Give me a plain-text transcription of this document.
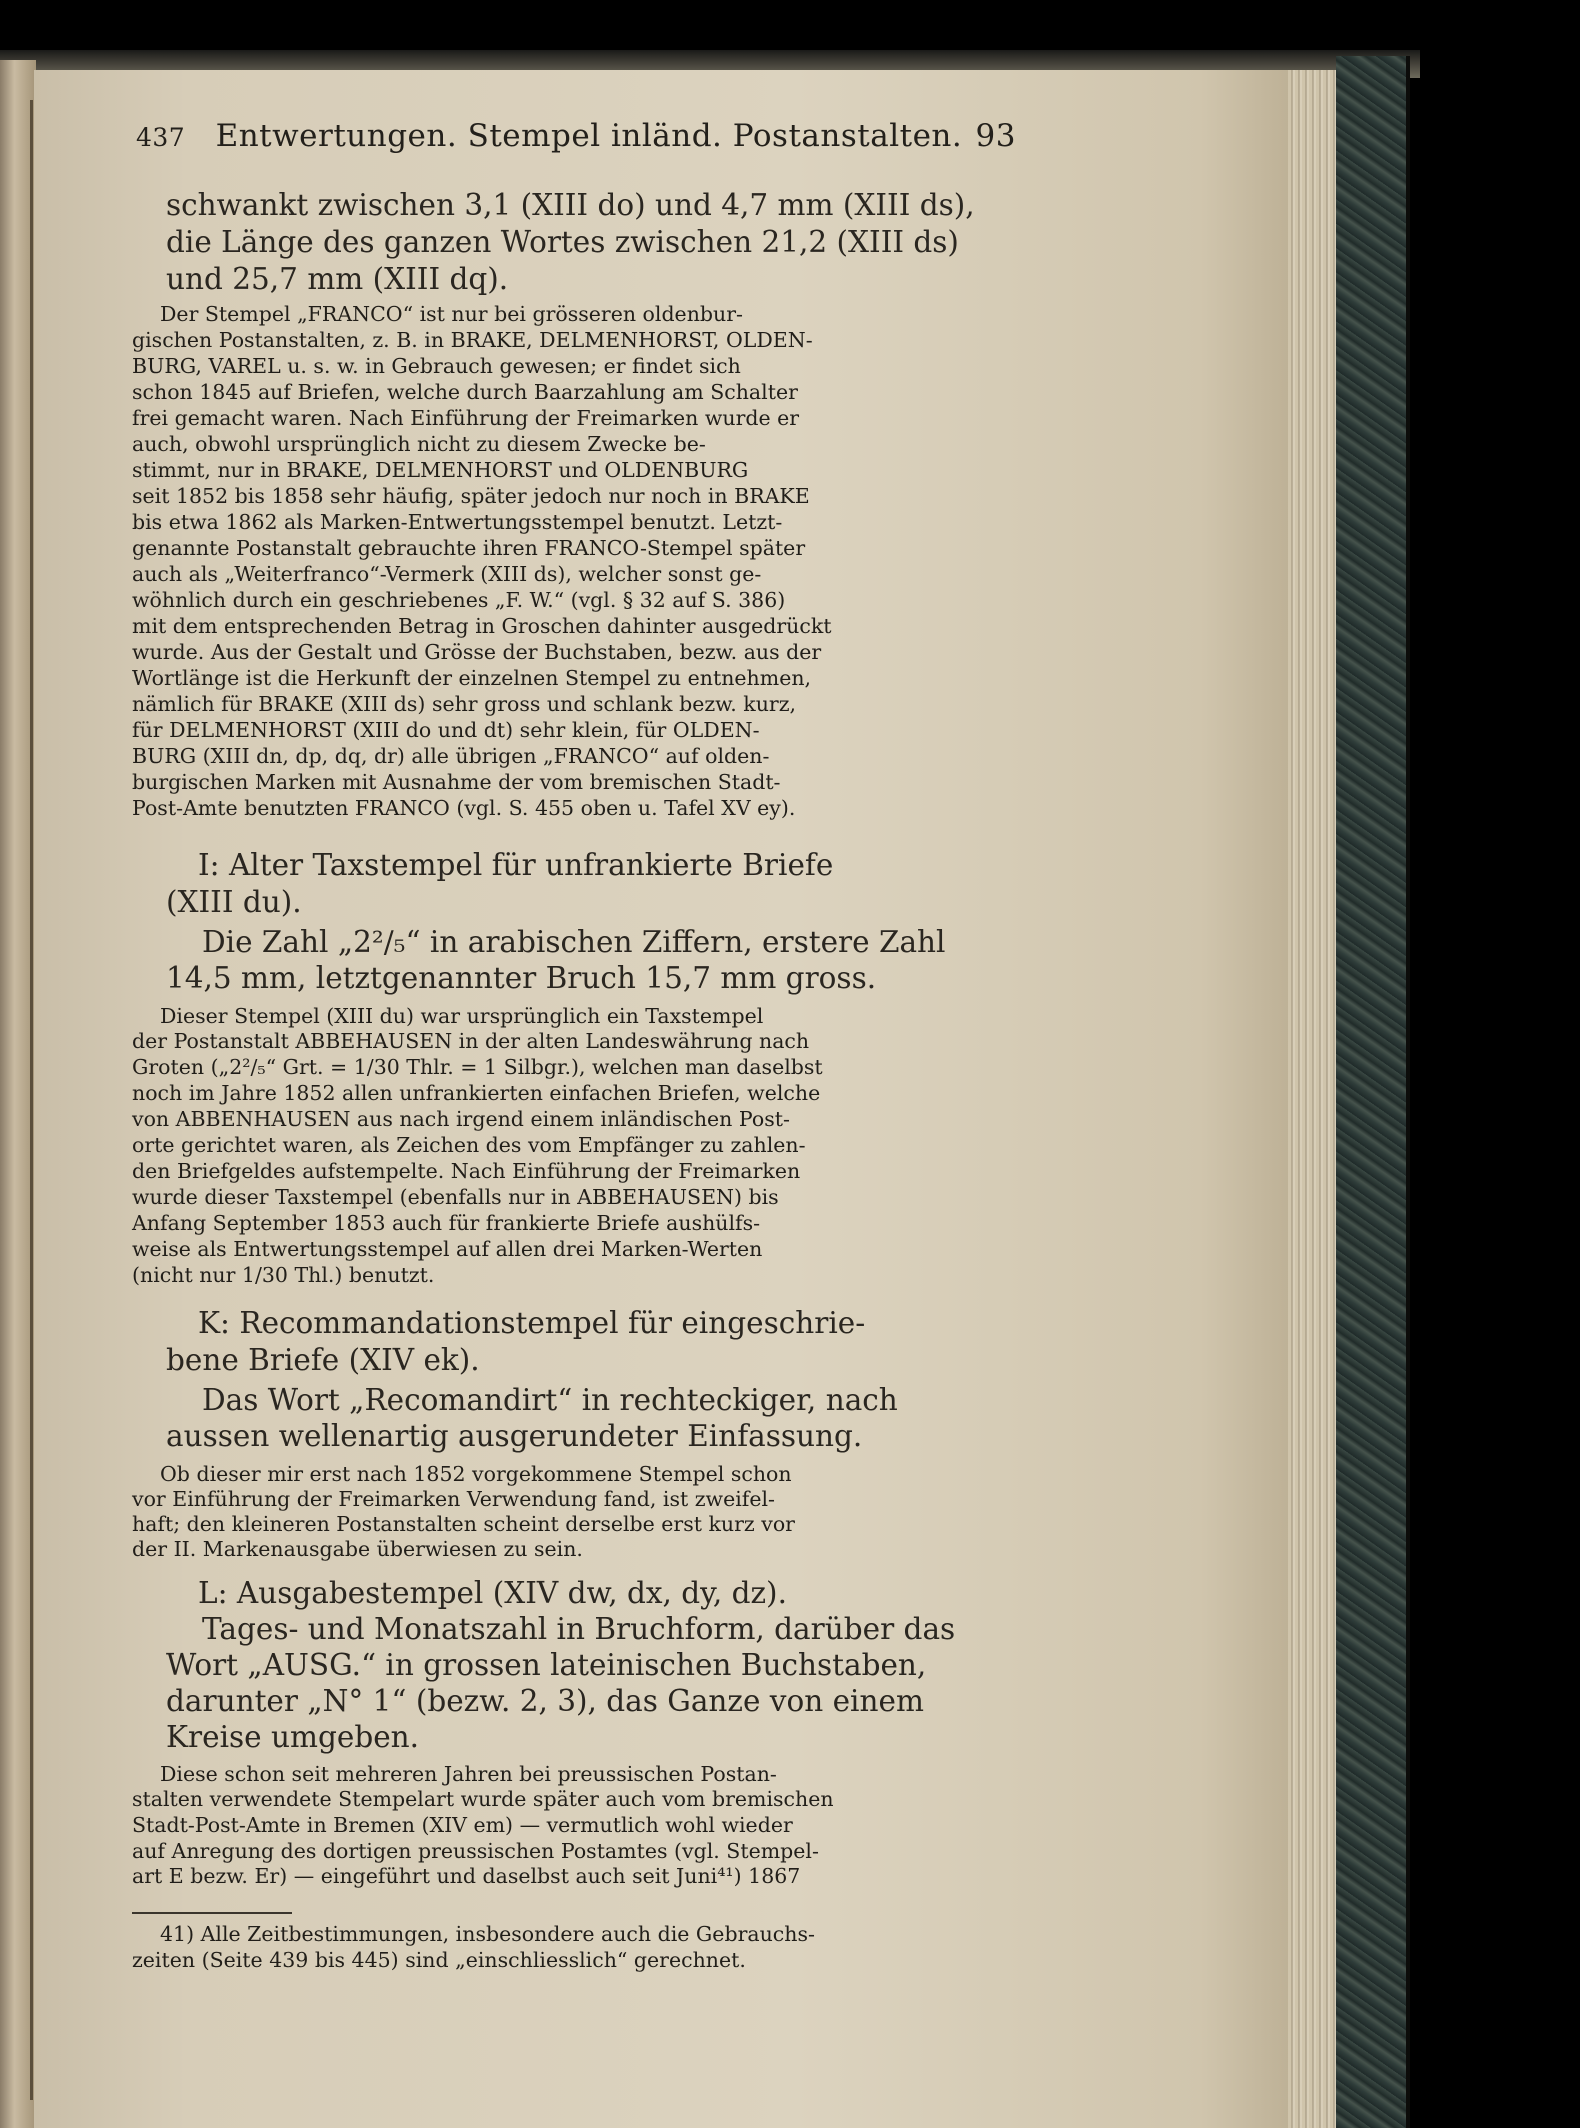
437 Entwertungen. Stempel inländ. Postanstalten. 93
schwankt zwischen 3,1 (XIII do) und 4,7 mm (XIII ds),
die Länge des ganzen Wortes zwischen 21,2 (XIII ds)
und 25,7 mm (XIII dq).
Der Stempel „FRANCO“ ist nur bei grösseren oldenbur-
gischen Postanstalten, z. B. in BRAKE, DELMENHORST, OLDEN-
BURG, VAREL u. s. w. in Gebrauch gewesen; er findet sich
schon 1845 auf Briefen, welche durch Baarzahlung am Schalter
frei gemacht waren. Nach Einführung der Freimarken wurde er
auch, obwohl ursprünglich nicht zu diesem Zwecke be-
stimmt, nur in BRAKE, DELMENHORST und OLDENBURG
seit 1852 bis 1858 sehr häufig, später jedoch nur noch in BRAKE
bis etwa 1862 als Marken-Entwertungsstempel benutzt. Letzt-
genannte Postanstalt gebrauchte ihren FRANCO-Stempel später
auch als „Weiterfranco“-Vermerk (XIII ds), welcher sonst ge-
wöhnlich durch ein geschriebenes „F. W.“ (vgl. § 32 auf S. 386)
mit dem entsprechenden Betrag in Groschen dahinter ausgedrückt
wurde. Aus der Gestalt und Grösse der Buchstaben, bezw. aus der
Wortlänge ist die Herkunft der einzelnen Stempel zu entnehmen,
nämlich für BRAKE (XIII ds) sehr gross und schlank bezw. kurz,
für DELMENHORST (XIII do und dt) sehr klein, für OLDEN-
BURG (XIII dn, dp, dq, dr) alle übrigen „FRANCO“ auf olden-
burgischen Marken mit Ausnahme der vom bremischen Stadt-
Post-Amte benutzten FRANCO (vgl. S. 455 oben u. Tafel XV ey).
I: Alter Taxstempel für unfrankierte Briefe
(XIII du).
Die Zahl „2²/₅“ in arabischen Ziffern, erstere Zahl
14,5 mm, letztgenannter Bruch 15,7 mm gross.
Dieser Stempel (XIII du) war ursprünglich ein Taxstempel
der Postanstalt ABBEHAUSEN in der alten Landeswährung nach
Groten („2²/₅“ Grt. = 1/30 Thlr. = 1 Silbgr.), welchen man daselbst
noch im Jahre 1852 allen unfrankierten einfachen Briefen, welche
von ABBENHAUSEN aus nach irgend einem inländischen Post-
orte gerichtet waren, als Zeichen des vom Empfänger zu zahlen-
den Briefgeldes aufstempelte. Nach Einführung der Freimarken
wurde dieser Taxstempel (ebenfalls nur in ABBEHAUSEN) bis
Anfang September 1853 auch für frankierte Briefe aushülfs-
weise als Entwertungsstempel auf allen drei Marken-Werten
(nicht nur 1/30 Thl.) benutzt.
K: Recommandationstempel für eingeschrie-
bene Briefe (XIV ek).
Das Wort „Recomandirt“ in rechteckiger, nach
aussen wellenartig ausgerundeter Einfassung.
Ob dieser mir erst nach 1852 vorgekommene Stempel schon
vor Einführung der Freimarken Verwendung fand, ist zweifel-
haft; den kleineren Postanstalten scheint derselbe erst kurz vor
der II. Markenausgabe überwiesen zu sein.
L: Ausgabestempel (XIV dw, dx, dy, dz).
Tages- und Monatszahl in Bruchform, darüber das
Wort „AUSG.“ in grossen lateinischen Buchstaben,
darunter „N° 1“ (bezw. 2, 3), das Ganze von einem
Kreise umgeben.
Diese schon seit mehreren Jahren bei preussischen Postan-
stalten verwendete Stempelart wurde später auch vom bremischen
Stadt-Post-Amte in Bremen (XIV em) — vermutlich wohl wieder
auf Anregung des dortigen preussischen Postamtes (vgl. Stempel-
art E bezw. Er) — eingeführt und daselbst auch seit Juni⁴¹) 1867
41) Alle Zeitbestimmungen, insbesondere auch die Gebrauchs-
zeiten (Seite 439 bis 445) sind „einschliesslich“ gerechnet.
